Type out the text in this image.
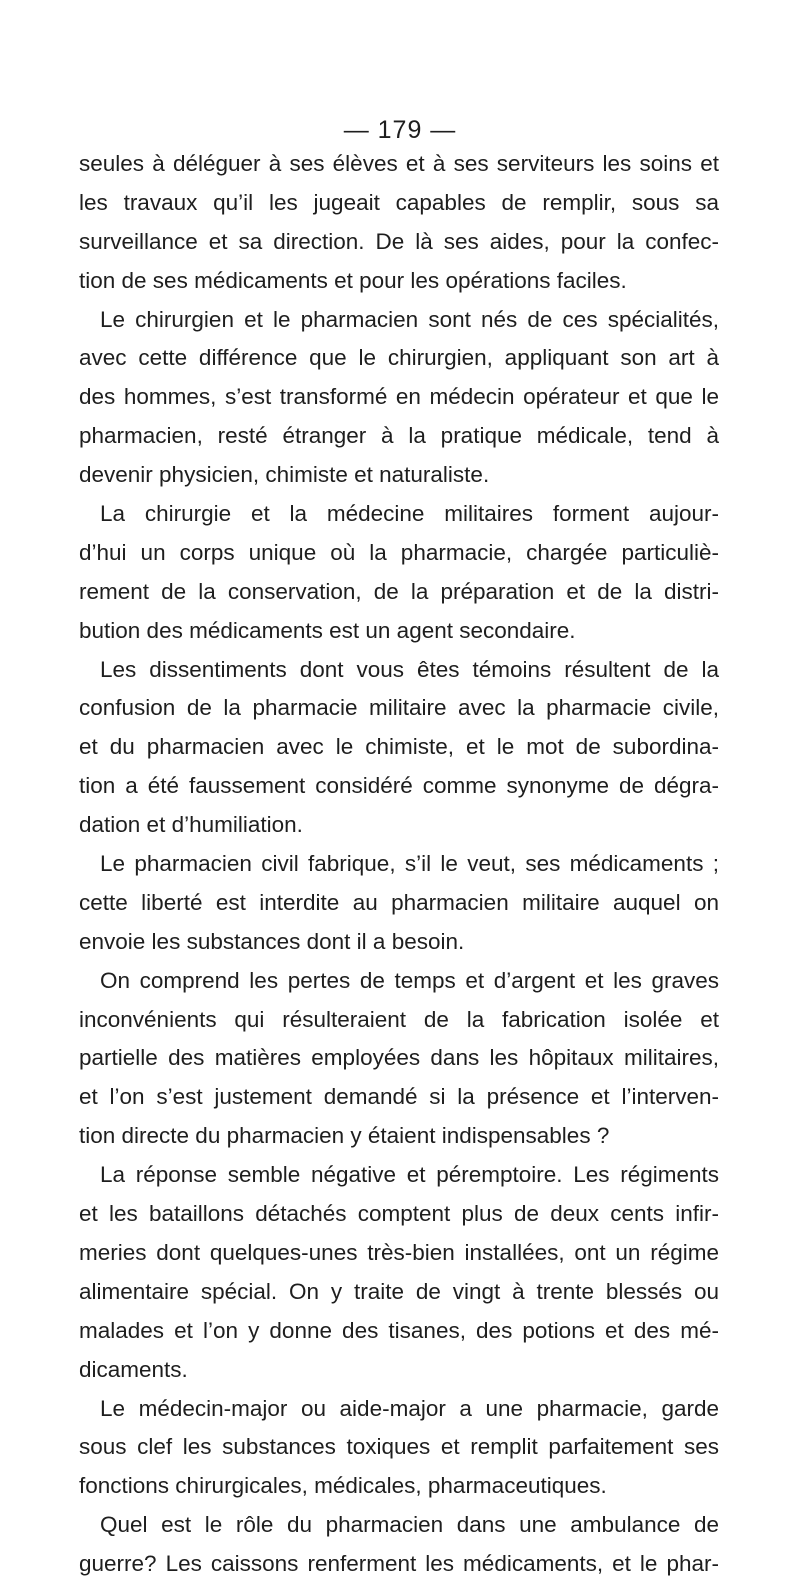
— 179 —
seules à déléguer à ses élèves et à ses serviteurs les soins et
les travaux qu’il les jugeait capables de remplir, sous sa
surveillance et sa direction. De là ses aides, pour la confec-
tion de ses médicaments et pour les opérations faciles.
Le chirurgien et le pharmacien sont nés de ces spécialités,
avec cette différence que le chirurgien, appliquant son art à
des hommes, s’est transformé en médecin opérateur et que le
pharmacien, resté étranger à la pratique médicale, tend à
devenir physicien, chimiste et naturaliste.
La chirurgie et la médecine militaires forment aujour-
d’hui un corps unique où la pharmacie, chargée particuliè-
rement de la conservation, de la préparation et de la distri-
bution des médicaments est un agent secondaire.
Les dissentiments dont vous êtes témoins résultent de la
confusion de la pharmacie militaire avec la pharmacie civile,
et du pharmacien avec le chimiste, et le mot de subordina-
tion a été faussement considéré comme synonyme de dégra-
dation et d’humiliation.
Le pharmacien civil fabrique, s’il le veut, ses médicaments ;
cette liberté est interdite au pharmacien militaire auquel on
envoie les substances dont il a besoin.
On comprend les pertes de temps et d’argent et les graves
inconvénients qui résulteraient de la fabrication isolée et
partielle des matières employées dans les hôpitaux militaires,
et l’on s’est justement demandé si la présence et l’interven-
tion directe du pharmacien y étaient indispensables ?
La réponse semble négative et péremptoire. Les régiments
et les bataillons détachés comptent plus de deux cents infir-
meries dont quelques-unes très-bien installées, ont un régime
alimentaire spécial. On y traite de vingt à trente blessés ou
malades et l’on y donne des tisanes, des potions et des mé-
dicaments.
Le médecin-major ou aide-major a une pharmacie, garde
sous clef les substances toxiques et remplit parfaitement ses
fonctions chirurgicales, médicales, pharmaceutiques.
Quel est le rôle du pharmacien dans une ambulance de
guerre? Les caissons renferment les médicaments, et le phar-
